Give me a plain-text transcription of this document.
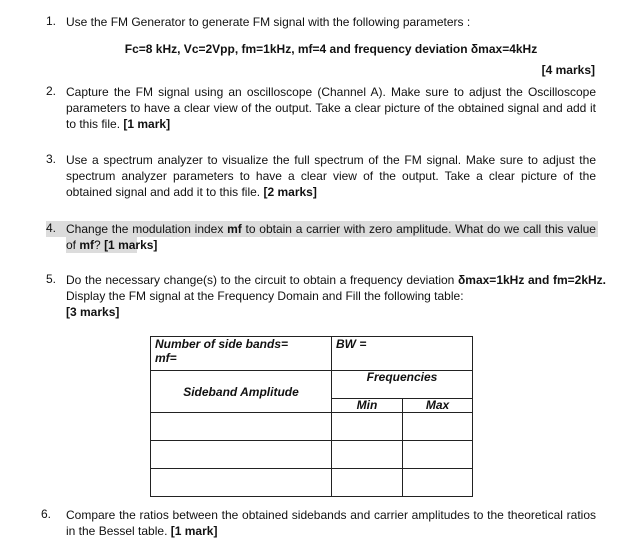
1. Use the FM Generator to generate FM signal with the following parameters :
Fc=8 kHz, Vc=2Vpp, fm=1kHz, mf=4 and frequency deviation δmax=4kHz
[4 marks]
2. Capture the FM signal using an oscilloscope (Channel A). Make sure to adjust the Oscilloscope parameters to have a clear view of the output. Take a clear picture of the obtained signal and add it to this file. [1 mark]
3. Use a spectrum analyzer to visualize the full spectrum of the FM signal. Make sure to adjust the spectrum analyzer parameters to have a clear view of the output. Take a clear picture of the obtained signal and add it to this file. [2 marks]
4. Change the modulation index mf to obtain a carrier with zero amplitude. What do we call this value of mf? [1 marks]
5. Do the necessary change(s) to the circuit to obtain a frequency deviation δmax=1kHz and fm=2kHz. Display the FM signal at the Frequency Domain and Fill the following table:
[3 marks]
Number of side bands=
mf=	BW =	

Sideband Amplitude	Frequencies	
	Min	Max

6. Compare the ratios between the obtained sidebands and carrier amplitudes to the theoretical ratios in the Bessel table. [1 mark]
